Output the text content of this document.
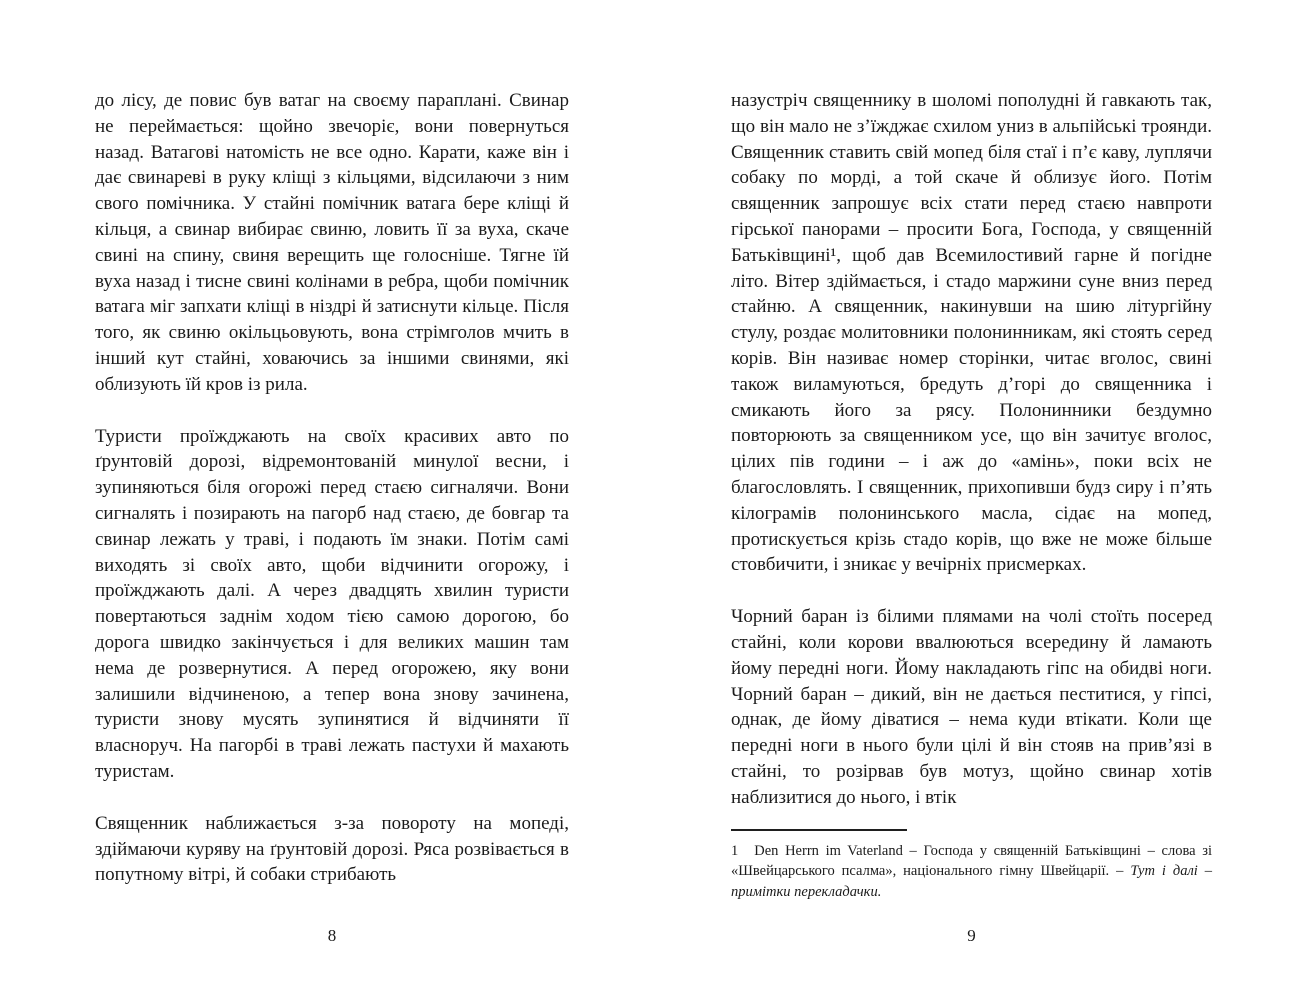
до лісу, де повис був ватаг на своєму параплані. Свинар не переймається: щойно звечоріє, вони повернуться назад. Ватагові натомість не все одно. Карати, каже він і дає свинареві в руку кліщі з кільцями, відсилаючи з ним свого помічника. У стайні помічник ватага бере кліщі й кільця, а свинар вибирає свиню, ловить її за вуха, скаче свині на спину, свиня верещить ще голосніше. Тягне їй вуха назад і тисне свині колінами в ребра, щоби помічник ватага міг запхати кліщі в ніздрі й затиснути кільце. Після того, як свиню окільцьовують, вона стрімголов мчить в інший кут стайні, ховаючись за іншими свинями, які облизують їй кров із рила.

Туристи проїжджають на своїх красивих авто по ґрунтовій дорозі, відремонтованій минулої весни, і зупиняються біля огорожі перед стаєю сигналячи. Вони сигналять і позирають на пагорб над стаєю, де бовгар та свинар лежать у траві, і подають їм знаки. Потім самі виходять зі своїх авто, щоби відчинити огорожу, і проїжджають далі. А через двадцять хвилин туристи повертаються заднім ходом тією самою дорогою, бо дорога швидко закінчується і для великих машин там нема де розвернутися. А перед огорожею, яку вони залишили відчиненою, а тепер вона знову зачинена, туристи знову мусять зупинятися й відчиняти її власноруч. На пагорбі в траві лежать пастухи й махають туристам.

Священник наближається з-за повороту на мопеді, здіймаючи куряву на ґрунтовій дорозі. Ряса розвівається в попутному вітрі, й собаки стрибають

8

назустріч священнику в шоломі пополудні й гавкають так, що він мало не з’їжджає схилом униз в альпійські троянди. Священник ставить свій мопед біля стаї і п’є каву, луплячи собаку по морді, а той скаче й облизує його. Потім священник запрошує всіх стати перед стаєю навпроти гірської панорами – просити Бога, Господа, у священній Батьківщині¹, щоб дав Всемилостивий гарне й погідне літо. Вітер здіймається, і стадо маржини суне вниз перед стайню. А священник, накинувши на шию літургійну стулу, роздає молитовники полонинникам, які стоять серед корів. Він називає номер сторінки, читає вголос, свині також виламуються, бредуть д’горі до священника і смикають його за рясу. Полонинники бездумно повторюють за священником усе, що він зачитує вголос, цілих пів години – і аж до «амінь», поки всіх не благословлять. І священник, прихопивши будз сиру і п’ять кілограмів полонинського масла, сідає на мопед, протискується крізь стадо корів, що вже не може більше стовбичити, і зникає у вечірніх присмерках.

Чорний баран із білими плямами на чолі стоїть посеред стайні, коли корови ввалюються всередину й ламають йому передні ноги. Йому накладають гіпс на обидві ноги. Чорний баран – дикий, він не дається пеститися, у гіпсі, однак, де йому діватися – нема куди втікати. Коли ще передні ноги в нього були цілі й він стояв на прив’язі в стайні, то розірвав був мотуз, щойно свинар хотів наблизитися до нього, і втік

1 Den Herrn im Vaterland – Господа у священній Батьківщині – слова зі «Швейцарського псалма», національного гімну Швейцарії. – Тут і далі – примітки перекладачки.

9
